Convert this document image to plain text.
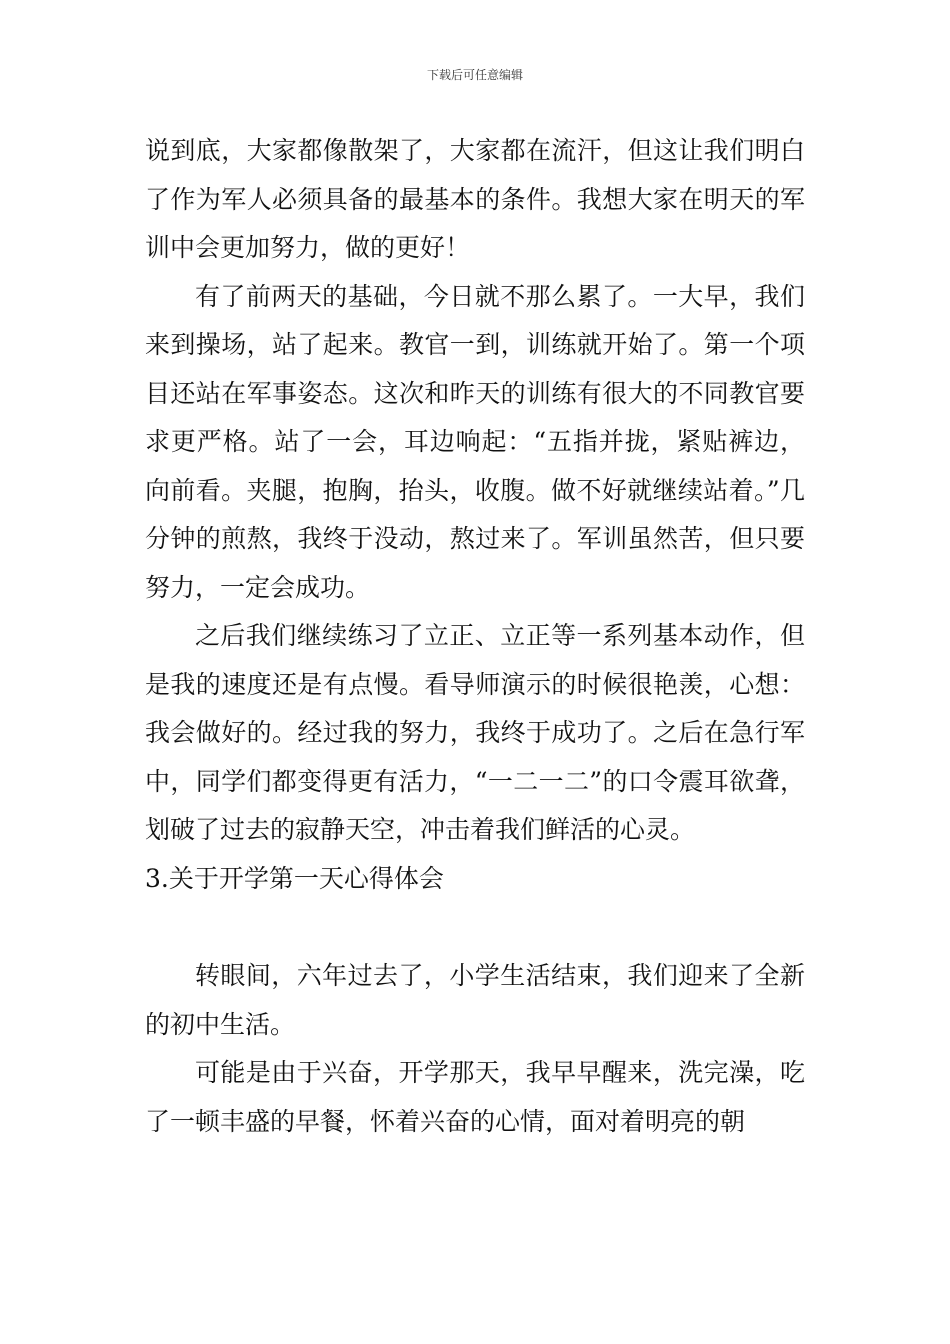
下载后可任意编辑

说到底，大家都像散架了，大家都在流汗，但这让我们明白了作为军人必须具备的最基本的条件。我想大家在明天的军训中会更加努力，做的更好！

有了前两天的基础，今日就不那么累了。一大早，我们来到操场，站了起来。教官一到，训练就开始了。第一个项目还站在军事姿态。这次和昨天的训练有很大的不同教官要求更严格。站了一会，耳边响起：“五指并拢，紧贴裤边，向前看。夹腿，抱胸，抬头，收腹。做不好就继续站着。”几分钟的煎熬，我终于没动，熬过来了。军训虽然苦，但只要努力，一定会成功。

之后我们继续练习了立正、立正等一系列基本动作，但是我的速度还是有点慢。看导师演示的时候很艳羡，心想：我会做好的。经过我的努力，我终于成功了。之后在急行军中，同学们都变得更有活力，“一二一二”的口令震耳欲聋，划破了过去的寂静天空，冲击着我们鲜活的心灵。

3.关于开学第一天心得体会

转眼间，六年过去了，小学生活结束，我们迎来了全新的初中生活。

可能是由于兴奋，开学那天，我早早醒来，洗完澡，吃了一顿丰盛的早餐，怀着兴奋的心情，面对着明亮的朝
